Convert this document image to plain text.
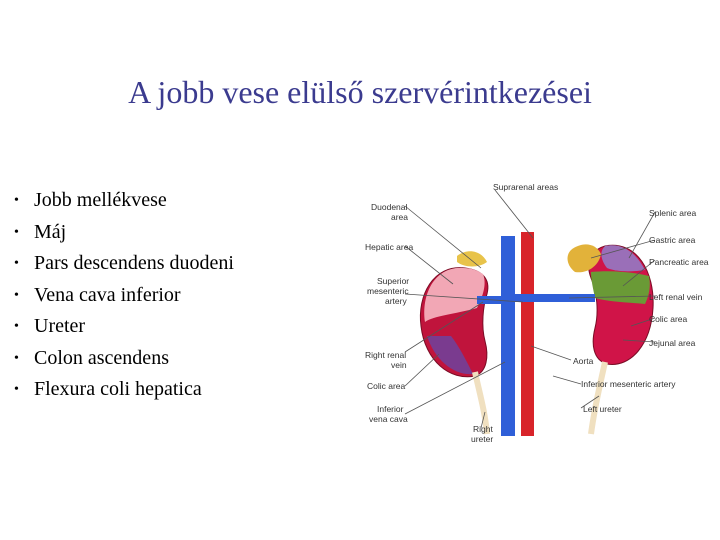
A jobb vese elülső szervérintkezései
• Jobb mellékvese
• Máj
• Pars descendens duodeni
• Vena cava inferior
• Ureter
• Colon ascendens
• Flexura coli hepatica
Suprarenal areas
Duodenal
area
Hepatic area
Superior
mesenteric
artery
Right renal
vein
Colic area
Inferior
vena cava
Right
ureter
Splenic area
Gastric area
Pancreatic area
Left renal vein
Colic area
Jejunal area
Aorta
Inferior mesenteric artery
Left ureter
